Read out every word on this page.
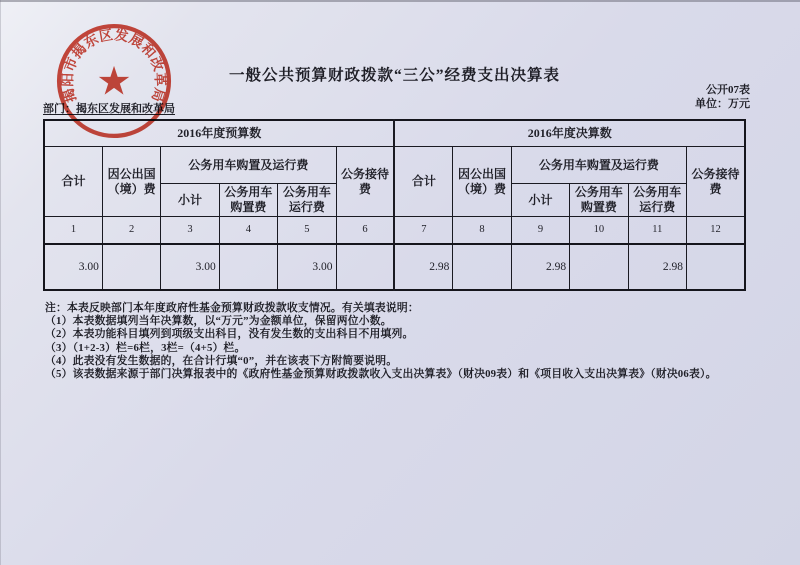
一般公共预算财政拨款“三公”经费支出决算表
公开07表
单位：万元
部门：揭东区发展和改革局
2016年度预算数						2016年度决算数					
合计	因公出国（境）费	公务用车购置及运行费			公务接待费	合计	因公出国（境）费	公务用车购置及运行费			公务接待费
		小计	公务用车购置费	公务用车运行费				小计	公务用车购置费	公务用车运行费	
1	2	3	4	5	6	7	8	9	10	11	12
3.00		3.00		3.00		2.98		2.98		2.98	
注：本表反映部门本年度政府性基金预算财政拨款收支情况。有关填表说明：
（1）本表数据填列当年决算数，以“万元”为金额单位，保留两位小数。
（2）本表功能科目填列到项级支出科目，没有发生数的支出科目不用填列。
（3）（1+2-3）栏=6栏，3栏=（4+5）栏。
（4）此表没有发生数据的，在合计行填“0”，并在该表下方附简要说明。
（5）该表数据来源于部门决算报表中的《政府性基金预算财政拨款收入支出决算表》（财决09表）和《项目收入支出决算表》（财决06表）。
揭阳市揭东区发展和改革局
★
